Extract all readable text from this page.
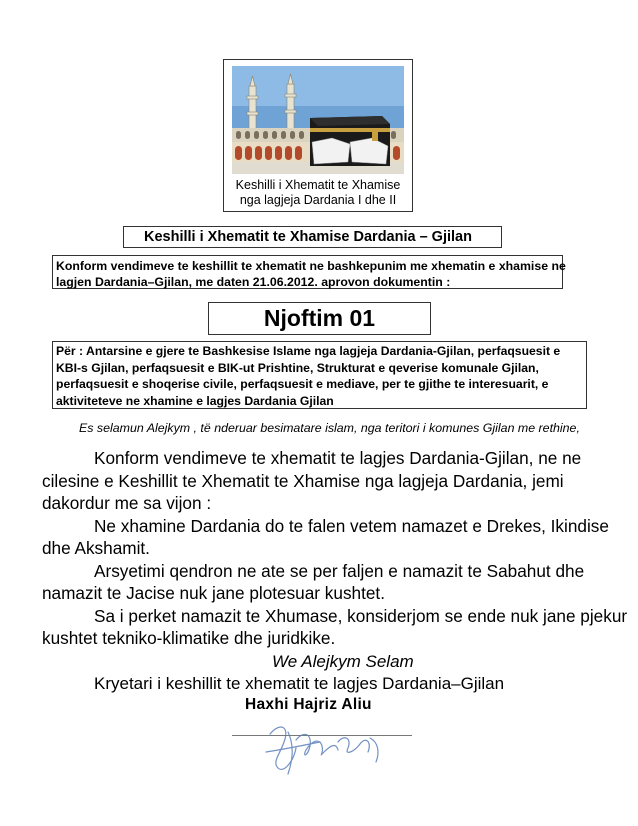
Keshilli i Xhematit te Xhamise
nga lagjeja Dardania I dhe II
Keshilli i Xhematit te Xhamise Dardania – Gjilan
Konform vendimeve te keshillit te xhematit ne bashkepunim me xhematin e xhamise ne
lagjen Dardania–Gjilan, me daten 21.06.2012. aprovon dokumentin :
Njoftim 01
Për : Antarsine e gjere te Bashkesise Islame nga lagjeja Dardania-Gjilan, perfaqsuesit e
KBI-s Gjilan, perfaqsuesit e BIK-ut Prishtine, Strukturat e qeverise komunale Gjilan,
perfaqsuesit e shoqerise civile, perfaqsuesit e mediave, per te gjithe te interesuarit, e
aktiviteteve ne xhamine e lagjes Dardania Gjilan
Es selamun Alejkym , të nderuar besimatare islam, nga teritori i komunes Gjilan me rethine,
Konform vendimeve te xhematit te lagjes Dardania-Gjilan, ne ne
cilesine e Keshillit te Xhematit te Xhamise nga lagjeja Dardania, jemi
dakordur me sa vijon :
Ne xhamine Dardania do te falen vetem namazet e Drekes, Ikindise
dhe Akshamit.
Arsyetimi qendron ne ate se per faljen e namazit te Sabahut dhe
namazit te Jacise nuk jane plotesuar kushtet.
Sa i perket namazit te Xhumase, konsiderjom se ende nuk jane pjekur
kushtet tekniko-klimatike dhe juridkike.
We Alejkym Selam
Kryetari i keshillit te xhematit te lagjes Dardania–Gjilan
Haxhi Hajriz Aliu
